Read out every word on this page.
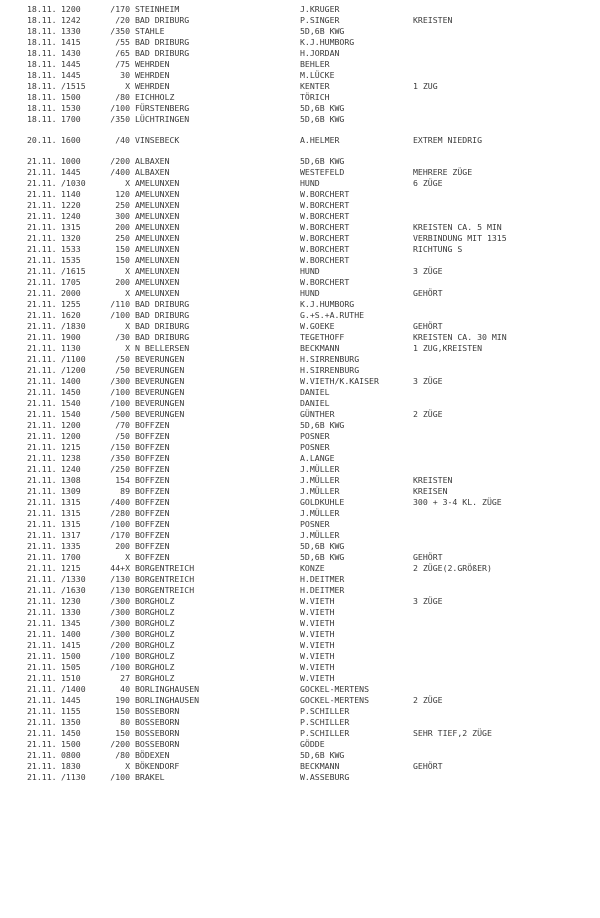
18.11. 1200	/170 STEINHEIM	J.KRUGER
18.11. 1242	/20 BAD DRIBURG	P.SINGER	KREISTEN
18.11. 1330	/350 STAHLE	5D,6B KWG
18.11. 1415	/55 BAD DRIBURG	K.J.HUMBORG
18.11. 1430	/65 BAD DRIBURG	H.JORDAN
18.11. 1445	/75 WEHRDEN	BEHLER
18.11. 1445	30 WEHRDEN	M.LÜCKE
18.11. /1515	X WEHRDEN	KENTER	1 ZUG
18.11. 1500	/80 EICHHOLZ	TÖRICH
18.11. 1530	/100 FÜRSTENBERG	5D,6B KWG
18.11. 1700	/350 LÜCHTRINGEN	5D,6B KWG
20.11. 1600	/40 VINSEBECK	A.HELMER	EXTREM NIEDRIG
21.11. 1000	/200 ALBAXEN	5D,6B KWG
21.11. 1445	/400 ALBAXEN	WESTEFELD	MEHRERE ZÜGE
21.11. /1030	X AMELUNXEN	HUND	6 ZÜGE
21.11. 1140	120 AMELUNXEN	W.BORCHERT
21.11. 1220	250 AMELUNXEN	W.BORCHERT
21.11. 1240	300 AMELUNXEN	W.BORCHERT
21.11. 1315	200 AMELUNXEN	W.BORCHERT	KREISTEN CA. 5 MIN
21.11. 1320	250 AMELUNXEN	W.BORCHERT	VERBINDUNG MIT 1315
21.11. 1533	150 AMELUNXEN	W.BORCHERT	RICHTUNG S
21.11. 1535	150 AMELUNXEN	W.BORCHERT
21.11. /1615	X AMELUNXEN	HUND	3 ZÜGE
21.11. 1705	200 AMELUNXEN	W.BORCHERT
21.11. 2000	X AMELUNXEN	HUND	GEHÖRT
21.11. 1255	/110 BAD DRIBURG	K.J.HUMBORG
21.11. 1620	/100 BAD DRIBURG	G.+S.+A.RUTHE
21.11. /1830	X BAD DRIBURG	W.GOEKE	GEHÖRT
21.11. 1900	/30 BAD DRIBURG	TEGETHOFF	KREISTEN CA. 30 MIN
21.11. 1130	X N BELLERSEN	BECKMANN	1 ZUG,KREISTEN
21.11. /1100	/50 BEVERUNGEN	H.SIRRENBURG
21.11. /1200	/50 BEVERUNGEN	H.SIRRENBURG
21.11. 1400	/300 BEVERUNGEN	W.VIETH/K.KAISER	3 ZÜGE
21.11. 1450	/100 BEVERUNGEN	DANIEL
21.11. 1540	/100 BEVERUNGEN	DANIEL
21.11. 1540	/500 BEVERUNGEN	GÜNTHER	2 ZÜGE
21.11. 1200	/70 BOFFZEN	5D,6B KWG
21.11. 1200	/50 BOFFZEN	POSNER
21.11. 1215	/150 BOFFZEN	POSNER
21.11. 1238	/350 BOFFZEN	A.LANGE
21.11. 1240	/250 BOFFZEN	J.MÜLLER
21.11. 1308	154 BOFFZEN	J.MÜLLER	KREISTEN
21.11. 1309	89 BOFFZEN	J.MÜLLER	KREISEN
21.11. 1315	/400 BOFFZEN	GOLDKUHLE	300 + 3-4 KL. ZÜGE
21.11. 1315	/280 BOFFZEN	J.MÜLLER
21.11. 1315	/100 BOFFZEN	POSNER
21.11. 1317	/170 BOFFZEN	J.MÜLLER
21.11. 1335	200 BOFFZEN	5D,6B KWG
21.11. 1700	X BOFFZEN	5D,6B KWG	GEHÖRT
21.11. 1215	44+X BORGENTREICH	KONZE	2 ZÜGE(2.GRÖßER)
21.11. /1330	/130 BORGENTREICH	H.DEITMER
21.11. /1630	/130 BORGENTREICH	H.DEITMER
21.11. 1230	/300 BORGHOLZ	W.VIETH	3 ZÜGE
21.11. 1330	/300 BORGHOLZ	W.VIETH
21.11. 1345	/300 BORGHOLZ	W.VIETH
21.11. 1400	/300 BORGHOLZ	W.VIETH
21.11. 1415	/200 BORGHOLZ	W.VIETH
21.11. 1500	/100 BORGHOLZ	W.VIETH
21.11. 1505	/100 BORGHOLZ	W.VIETH
21.11. 1510	27 BORGHOLZ	W.VIETH
21.11. /1400	40 BORLINGHAUSEN	GOCKEL-MERTENS
21.11. 1445	190 BORLINGHAUSEN	GOCKEL-MERTENS	2 ZÜGE
21.11. 1155	150 BOSSEBORN	P.SCHILLER
21.11. 1350	80 BOSSEBORN	P.SCHILLER
21.11. 1450	150 BOSSEBORN	P.SCHILLER	SEHR TIEF,2 ZÜGE
21.11. 1500	/200 BOSSEBORN	GÖDDE
21.11. 0800	/80 BÖDEXEN	5D,6B KWG
21.11. 1830	X BÖKENDORF	BECKMANN	GEHÖRT
21.11. /1130	/100 BRAKEL	W.ASSEBURG
